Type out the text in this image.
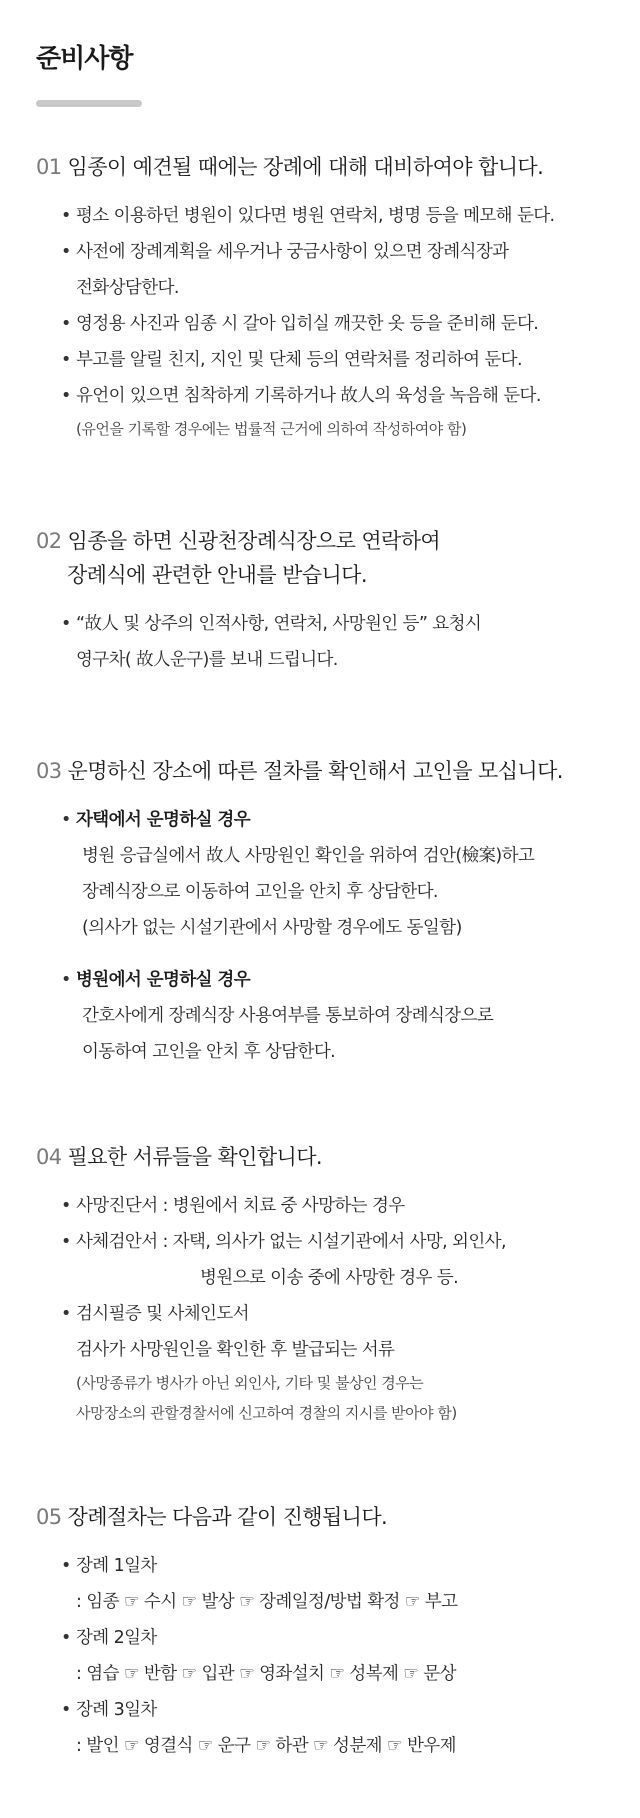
준비사항
01 임종이 예견될 때에는 장례에 대해 대비하여야 합니다.
•
평소 이용하던 병원이 있다면 병원 연락처, 병명 등을 메모해 둔다.
•
사전에 장례계획을 세우거나 궁금사항이 있으면 장례식장과
전화상담한다.
•
영정용 사진과 임종 시 갈아 입히실 깨끗한 옷 등을 준비해 둔다.
•
부고를 알릴 친지, 지인 및 단체 등의 연락처를 정리하여 둔다.
•
유언이 있으면 침착하게 기록하거나 故人의 육성을 녹음해 둔다.
(유언을 기록할 경우에는 법률적 근거에 의하여 작성하여야 함)
02 임종을 하면 신광천장례식장으로 연락하여
장례식에 관련한 안내를 받습니다.
•
“故人 및 상주의 인적사항, 연락처, 사망원인 등” 요청시
영구차( 故人운구)를 보내 드립니다.
03 운명하신 장소에 따른 절차를 확인해서 고인을 모십니다.
•
자택에서 운명하실 경우
병원 응급실에서 故人 사망원인 확인을 위하여 검안(檢案)하고
장례식장으로 이동하여 고인을 안치 후 상담한다.
(의사가 없는 시설기관에서 사망할 경우에도 동일함)
•
병원에서 운명하실 경우
간호사에게 장례식장 사용여부를 통보하여 장례식장으로
이동하여 고인을 안치 후 상담한다.
04 필요한 서류들을 확인합니다.
•
사망진단서 : 병원에서 치료 중 사망하는 경우
•
사체검안서 : 자택, 의사가 없는 시설기관에서 사망, 외인사,
병원으로 이송 중에 사망한 경우 등.
•
검시필증 및 사체인도서
검사가 사망원인을 확인한 후 발급되는 서류
(사망종류가 병사가 아닌 외인사, 기타 및 불상인 경우는
사망장소의 관할경찰서에 신고하여 경찰의 지시를 받아야 함)
05 장례절차는 다음과 같이 진행됩니다.
•
장례 1일차
: 임종 ☞ 수시 ☞ 발상 ☞ 장례일정/방법 확정 ☞ 부고
•
장례 2일차
: 염습 ☞ 반함 ☞ 입관 ☞ 영좌설치 ☞ 성복제 ☞ 문상
•
장례 3일차
: 발인 ☞ 영결식 ☞ 운구 ☞ 하관 ☞ 성분제 ☞ 반우제
